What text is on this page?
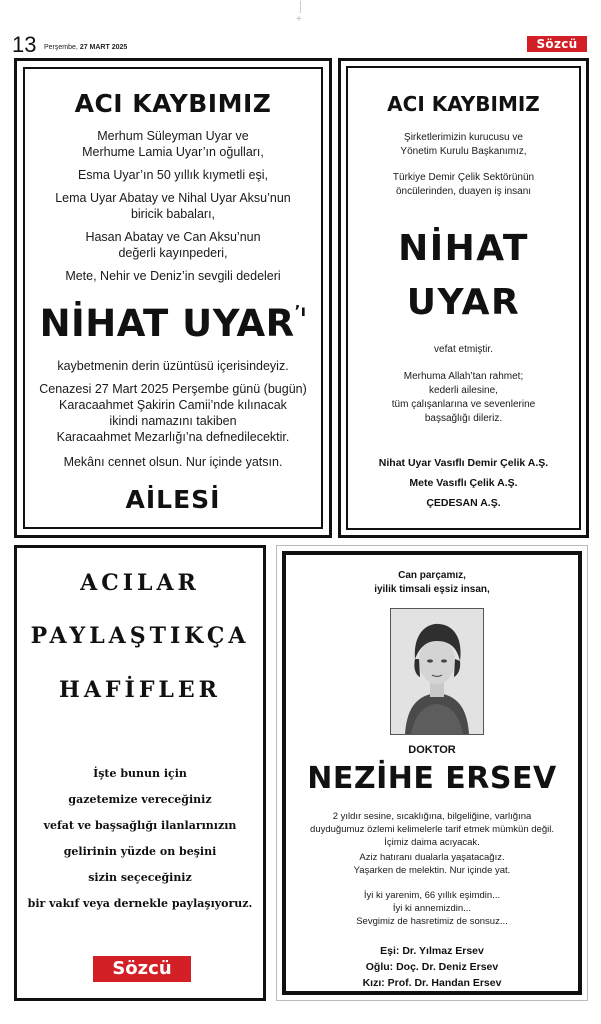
│
+
13 Perşembe, 27 MART 2025	Sözcü
ACI KAYBIMIZ
Merhum Süleyman Uyar ve
Merhume Lamia Uyar’ın oğulları,
Esma Uyar’ın 50 yıllık kıymetli eşi,
Lema Uyar Abatay ve Nihal Uyar Aksu’nun
biricik babaları,
Hasan Abatay ve Can Aksu’nun
değerli kayınpederi,
Mete, Nehir ve Deniz’in sevgili dedeleri
NİHAT $UYAR^{’ı}$
kaybetmenin derin üzüntüsü içerisindeyiz.
Cenazesi 27 Mart 2025 Perşembe günü (bugün)
Karacaahmet Şakirin Camii’nde kılınacak
ikindi namazını takiben
Karacaahmet Mezarlığı’na defnedilecektir.
Mekânı cennet olsun. Nur içinde yatsın.
AİLESİ
ACI KAYBIMIZ
Şirketlerimizin kurucusu ve
Yönetim Kurulu Başkanımız,
Türkiye Demir Çelik Sektörünün
öncülerinden, duayen iş insanı
NİHAT
UYAR
vefat etmiştir.
Merhuma Allah’tan rahmet;
kederli ailesine,
tüm çalışanlarına ve sevenlerine
başsağlığı dileriz.
Nihat Uyar Vasıflı Demir Çelik A.Ş.
Mete Vasıflı Çelik A.Ş.
ÇEDESAN A.Ş.
ACILAR
PAYLAŞTIKÇA
HAFİFLER
İşte bunun için
gazetemize vereceğiniz
vefat ve başsağlığı ilanlarınızın
gelirinin yüzde on beşini
sizin seçeceğiniz
bir vakıf veya dernekle paylaşıyoruz.
Sözcü
Can parçamız,
iyilik timsali eşsiz insan,
DOKTOR
NEZİHE ERSEV
2 yıldır sesine, sıcaklığına, bilgeliğine, varlığına
duyduğumuz özlemi kelimelerle tarif etmek mümkün değil.
İçimiz daima acıyacak.
Aziz hatıranı dualarla yaşatacağız.
Yaşarken de melektin. Nur içinde yat.
İyi ki yarenim, 66 yıllık eşimdin...
İyi ki annemizdin...
Sevgimiz de hasretimiz de sonsuz...
Eşi: Dr. Yılmaz Ersev
Oğlu: Doç. Dr. Deniz Ersev
Kızı: Prof. Dr. Handan Ersev
